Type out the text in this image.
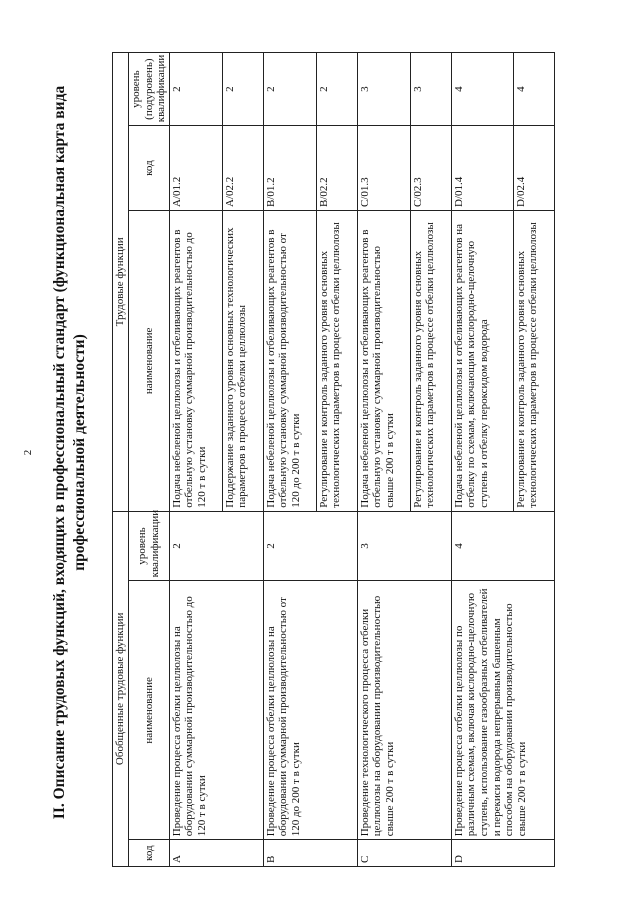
2 II. Описание трудовых функций, входящих в профессиональный стандарт (функциональная карта вида профессиональной деятельности)
Обобщенные трудовые функции			Трудовые функции		
код	наименование	уровень квалификации	наименование	код	уровень (подуровень) квалификации
A	Проведение процесса отбелки целлюлозы на оборудовании суммарной производительностью до 120 т в сутки	2	Подача небеленой целлюлозы и отбеливающих реагентов в отбельную установку суммарной производительностью до 120 т в сутки	A/01.2	2
			Поддержание заданного уровня основных технологических параметров в процессе отбелки целлюлозы	A/02.2	2
B	Проведение процесса отбелки целлюлозы на оборудовании суммарной производительностью от 120 до 200 т в сутки	2	Подача небеленой целлюлозы и отбеливающих реагентов в отбельную установку суммарной производительностью от 120 до 200 т в сутки	B/01.2	2
			Регулирование и контроль заданного уровня основных технологических параметров в процессе отбелки целлюлозы	B/02.2	2
C	Проведение технологического процесса отбелки целлюлозы на оборудовании производительностью свыше 200 т в сутки	3	Подача небеленой целлюлозы и отбеливающих реагентов в отбельную установку суммарной производительностью свыше 200 т в сутки	C/01.3	3
			Регулирование и контроль заданного уровня основных технологических параметров в процессе отбелки целлюлозы	C/02.3	3
D	Проведение процесса отбелки целлюлозы по различным схемам, включая кислородно-щелочную ступень, использование газообразных отбеливателей и перекиси водорода непрерывным башенным способом на оборудовании производительностью свыше 200 т в сутки	4	Подача небеленой целлюлозы и отбеливающих реагентов на отбелку по схемам, включающим кислородно-щелочную ступень и отбелку пероксидом водорода	D/01.4	4
			Регулирование и контроль заданного уровня основных технологических параметров в процессе отбелки целлюлозы	D/02.4	4
